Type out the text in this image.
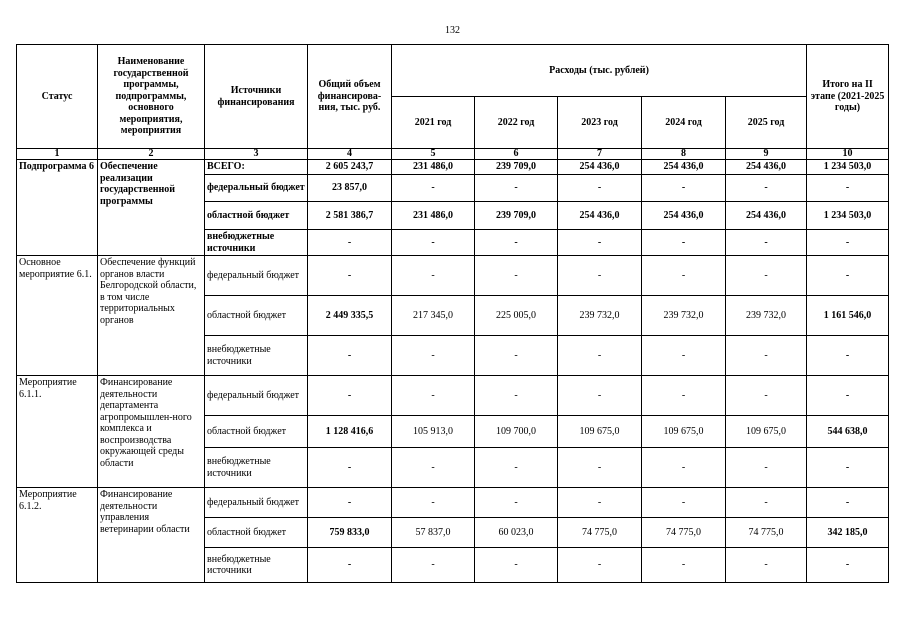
132
Статус	Наименование государственной программы, подпрограммы, основного мероприятия, мероприятия	Источники финансирования	Общий объем финансирова-ния, тыс. руб.	Расходы (тыс. рублей)					Итого на II этапе (2021-2025 годы)
				2021 год	2022 год	2023 год	2024 год	2025 год	
1	2	3	4	5	6	7	8	9	10
Подпрограмма 6	Обеспечение реализации государственной программы	ВСЕГО:	2 605 243,7	231 486,0	239 709,0	254 436,0	254 436,0	254 436,0	1 234 503,0
		федеральный бюджет	23 857,0	-	-	-	-	-	-
		областной бюджет	2 581 386,7	231 486,0	239 709,0	254 436,0	254 436,0	254 436,0	1 234 503,0
		внебюджетные источники	-	-	-	-	-	-	-
Основное мероприятие 6.1.	Обеспечение функций органов власти Белгородской области, в том числе территориальных органов	федеральный бюджет	-	-	-	-	-	-	-
		областной бюджет	2 449 335,5	217 345,0	225 005,0	239 732,0	239 732,0	239 732,0	1 161 546,0
		внебюджетные источники	-	-	-	-	-	-	-
Мероприятие 6.1.1.	Финансирование деятельности департамента агропромышлен-ного комплекса и воспроизводства окружающей среды области	федеральный бюджет	-	-	-	-	-	-	-
		областной бюджет	1 128 416,6	105 913,0	109 700,0	109 675,0	109 675,0	109 675,0	544 638,0
		внебюджетные источники	-	-	-	-	-	-	-
Мероприятие 6.1.2.	Финансирование деятельности управления ветеринарии области	федеральный бюджет	-	-	-	-	-	-	-
		областной бюджет	759 833,0	57 837,0	60 023,0	74 775,0	74 775,0	74 775,0	342 185,0
		внебюджетные источники	-	-	-	-	-	-	-
